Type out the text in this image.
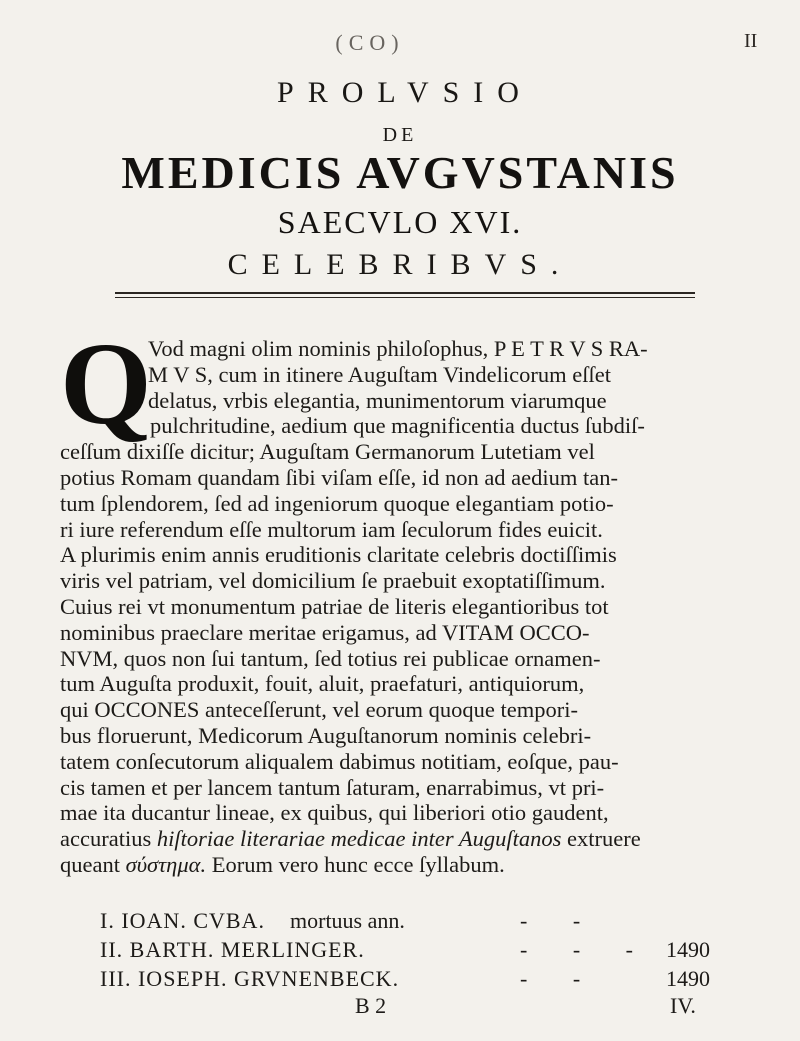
(CO)	II
PROLVSIO
DE
MEDICIS AVGVSTANIS
SAECVLO XVI.
CELEBRIBVS.
Q
Vod magni olim nominis philoſophus, P E T R V S RA-
M V S, cum in itinere Auguſtam Vindelicorum eſſet
delatus, vrbis elegantia, munimentorum viarumque
pulchritudine, aedium que magnificentia ductus ſubdiſ-
ceſſum dixiſſe dicitur; Auguſtam Germanorum Lutetiam vel
potius Romam quandam ſibi viſam eſſe, id non ad aedium tan-
tum ſplendorem, ſed ad ingeniorum quoque elegantiam potio-
ri iure referendum eſſe multorum iam ſeculorum fides euicit.
A plurimis enim annis eruditionis claritate celebris doctiſſimis
viris vel patriam, vel domicilium ſe praebuit exoptatiſſimum.
Cuius rei vt monumentum patriae de literis elegantioribus tot
nominibus praeclare meritae erigamus, ad VITAM OCCO-
NVM, quos non ſui tantum, ſed totius rei publicae ornamen-
tum Auguſta produxit, fouit, aluit, praefaturi, antiquiorum,
qui OCCONES anteceſſerunt, vel eorum quoque tempori-
bus floruerunt, Medicorum Auguſtanorum nominis celebri-
tatem conſecutorum aliqualem dabimus notitiam, eoſque, pau-
cis tamen et per lancem tantum ſaturam, enarrabimus, vt pri-
mae ita ducantur lineae, ex quibus, qui liberiori otio gaudent,
accuratius hiſtoriae literariae medicae inter Auguſtanos extruere
queant σύστημα. Eorum vero hunc ecce ſyllabum.
I. IOAN. CVBA. mortuus ann.	- -
II. BARTH. MERLINGER.	- - - 1490
III. IOSEPH. GRVNENBECK.	- -	1490
B 2	IV.
